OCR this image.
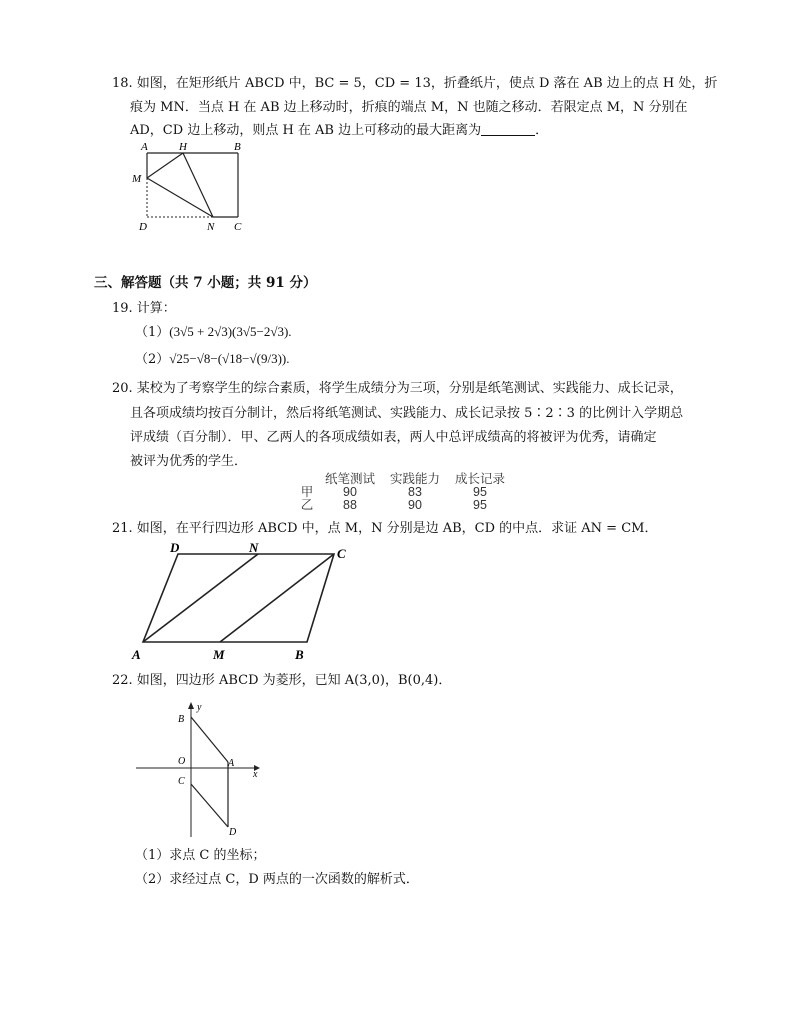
18. 如图，在矩形纸片 ABCD 中，BC = 5，CD = 13，折叠纸片，使点 D 落在 AB 边上的点 H 处，折
痕为 MN．当点 H 在 AB 边上移动时，折痕的端点 M，N 也随之移动．若限定点 M，N 分别在
AD，CD 边上移动，则点 H 在 AB 边上可移动的最大距离为	．
A	H	B
M
D	N C
三、解答题（共 7 小题；共 91 分）
19. 计算：
（1）(3√5 + 2√3)(3√5−2√3).
（2）√25−√8−(√18−√(9/3)).
20. 某校为了考察学生的综合素质，将学生成绩分为三项，分别是纸笔测试、实践能力、成长记录，
且各项成绩均按百分制计，然后将纸笔测试、实践能力、成长记录按 5∶2∶3 的比例计入学期总
评成绩（百分制）．甲、乙两人的各项成绩如表，两人中总评成绩高的将被评为优秀，请确定
被评为优秀的学生．
	纸笔测试	实践能力	成长记录
甲	90	83	95
乙	88	90	95
21. 如图，在平行四边形 ABCD 中，点 M，N 分别是边 AB，CD 的中点．求证 AN = CM．
D	N	C
A	M	B
22. 如图，四边形 ABCD 为菱形，已知 A(3,0)，B(0,4)．
B
y
O	A
x
C
D
（1）求点 C 的坐标；
（2）求经过点 C，D 两点的一次函数的解析式．
